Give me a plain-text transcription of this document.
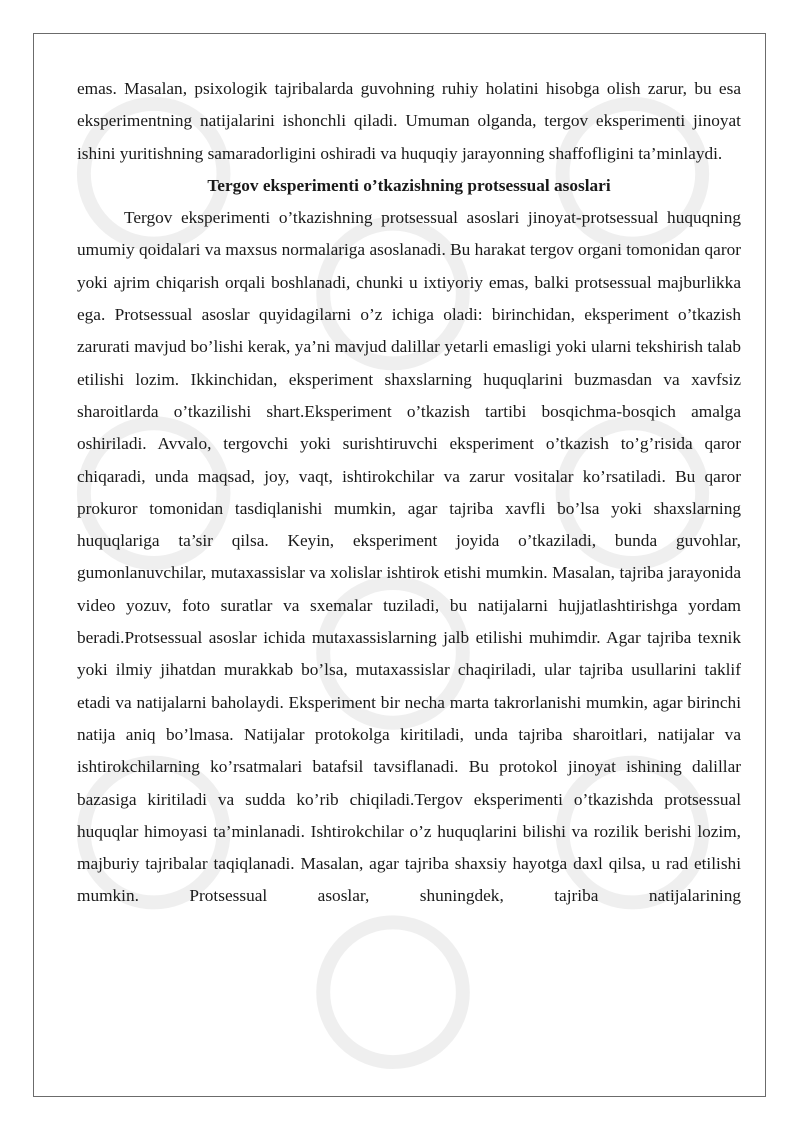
emas. Masalan, psixologik tajribalarda guvohning ruhiy holatini hisobga olish zarur, bu esa eksperimentning natijalarini ishonchli qiladi. Umuman olganda, tergov eksperimenti jinoyat ishini yuritishning samaradorligini oshiradi va huquqiy jarayonning shaffofligini ta’minlaydi.

Tergov eksperimenti o’tkazishning protsessual asoslari

Tergov eksperimenti o’tkazishning protsessual asoslari jinoyat-protsessual huquqning umumiy qoidalari va maxsus normalariga asoslanadi. Bu harakat tergov organi tomonidan qaror yoki ajrim chiqarish orqali boshlanadi, chunki u ixtiyoriy emas, balki protsessual majburlikka ega. Protsessual asoslar quyidagilarni o’z ichiga oladi: birinchidan, eksperiment o’tkazish zarurati mavjud bo’lishi kerak, ya’ni mavjud dalillar yetarli emasligi yoki ularni tekshirish talab etilishi lozim. Ikkinchidan, eksperiment shaxslarning huquqlarini buzmasdan va xavfsiz sharoitlarda o’tkazilishi shart.Eksperiment o’tkazish tartibi bosqichma-bosqich amalga oshiriladi. Avvalo, tergovchi yoki surishtiruvchi eksperiment o’tkazish to’g’risida qaror chiqaradi, unda maqsad, joy, vaqt, ishtirokchilar va zarur vositalar ko’rsatiladi. Bu qaror prokuror tomonidan tasdiqlanishi mumkin, agar tajriba xavfli bo’lsa yoki shaxslarning huquqlariga ta’sir qilsa. Keyin, eksperiment joyida o’tkaziladi, bunda guvohlar, gumonlanuvchilar, mutaxassislar va xolislar ishtirok etishi mumkin. Masalan, tajriba jarayonida video yozuv, foto suratlar va sxemalar tuziladi, bu natijalarni hujjatlashtirishga yordam beradi.Protsessual asoslar ichida mutaxassislarning jalb etilishi muhimdir. Agar tajriba texnik yoki ilmiy jihatdan murakkab bo’lsa, mutaxassislar chaqiriladi, ular tajriba usullarini taklif etadi va natijalarni baholaydi. Eksperiment bir necha marta takrorlanishi mumkin, agar birinchi natija aniq bo’lmasa. Natijalar protokolga kiritiladi, unda tajriba sharoitlari, natijalar va ishtirokchilarning ko’rsatmalari batafsil tavsiflanadi. Bu protokol jinoyat ishining dalillar bazasiga kiritiladi va sudda ko’rib chiqiladi.Tergov eksperimenti o’tkazishda protsessual huquqlar himoyasi ta’minlanadi. Ishtirokchilar o’z huquqlarini bilishi va rozilik berishi lozim, majburiy tajribalar taqiqlanadi. Masalan, agar tajriba shaxsiy hayotga daxl qilsa, u rad etilishi mumkin. Protsessual asoslar, shuningdek, tajriba natijalarining
